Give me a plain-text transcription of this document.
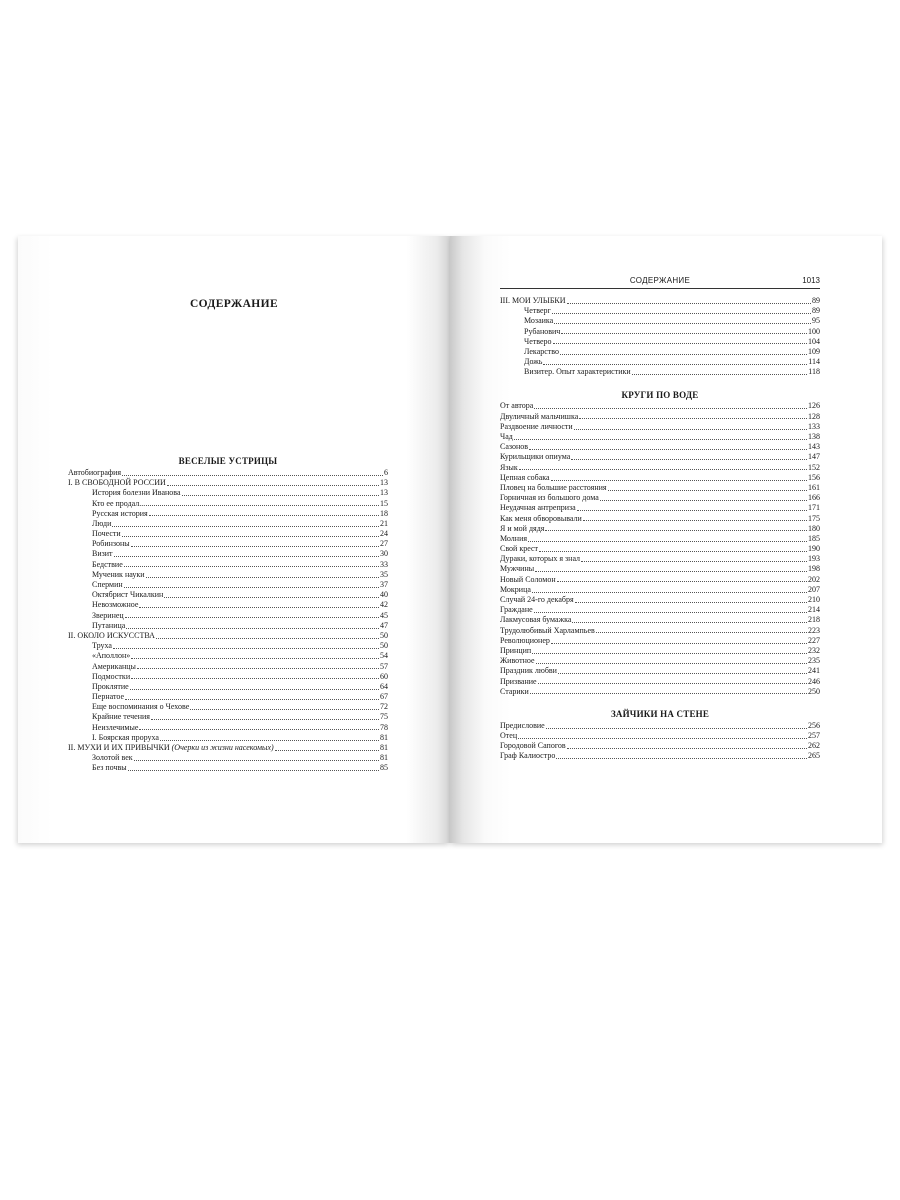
СОДЕРЖАНИЕ
ВЕСЕЛЫЕ УСТРИЦЫ
Автобиография	6
I. В СВОБОДНОЙ РОССИИ	13
История болезни Иванова	13
Кто ее продал...	15
Русская история	18
Люди	21
Почести	24
Робинзоны	27
Визит	30
Бедствие	33
Мученик науки	35
Спермин	37
Октябрист Чикалкин	40
Невозможное	42
Зверинец	45
Путаница	47
II. ОКОЛО ИСКУССТВА	50
Труха	50
«Аполлон»	54
Американцы	57
Подмостки	60
Проклятие	64
Пернатое	67
Еще воспоминания о Чехове	72
Крайние течения	75
Неизлечимые	78
I. Боярская проруха	81
II. МУХИ И ИХ ПРИВЫЧКИ (Очерки из жизни насекомых)	81
Золотой век	81
Без почвы	85
СОДЕРЖАНИЕ	1013
III. МОИ УЛЫБКИ	89
Четверг	89
Мозаика	95
Рубанович	100
Четверо	104
Лекарство	109
Дожь	114
Визитер. Опыт характеристики	118
КРУГИ ПО ВОДЕ
От автора	126
Двуличный мальчишка	128
Раздвоение личности	133
Чад	138
Сазонов	143
Курильщики опиума	147
Язык	152
Цепная собака	156
Пловец на большие расстояния	161
Горничная из большого дома	166
Неудачная антреприза	171
Как меня обворовывали	175
Я и мой дядя	180
Молния	185
Свой крест	190
Дураки, которых я знал	193
Мужчины	198
Новый Соломон	202
Мокрица	207
Случай 24-го декабря	210
Граждане	214
Лакмусовая бумажка	218
Трудолюбивый Харлампьев	223
Революционер	227
Принцип	232
Животное	235
Праздник любви	241
Призвание	246
Старики	250
ЗАЙЧИКИ НА СТЕНЕ
Предисловие	256
Отец	257
Городовой Сапогов	262
Граф Калиостро	265
